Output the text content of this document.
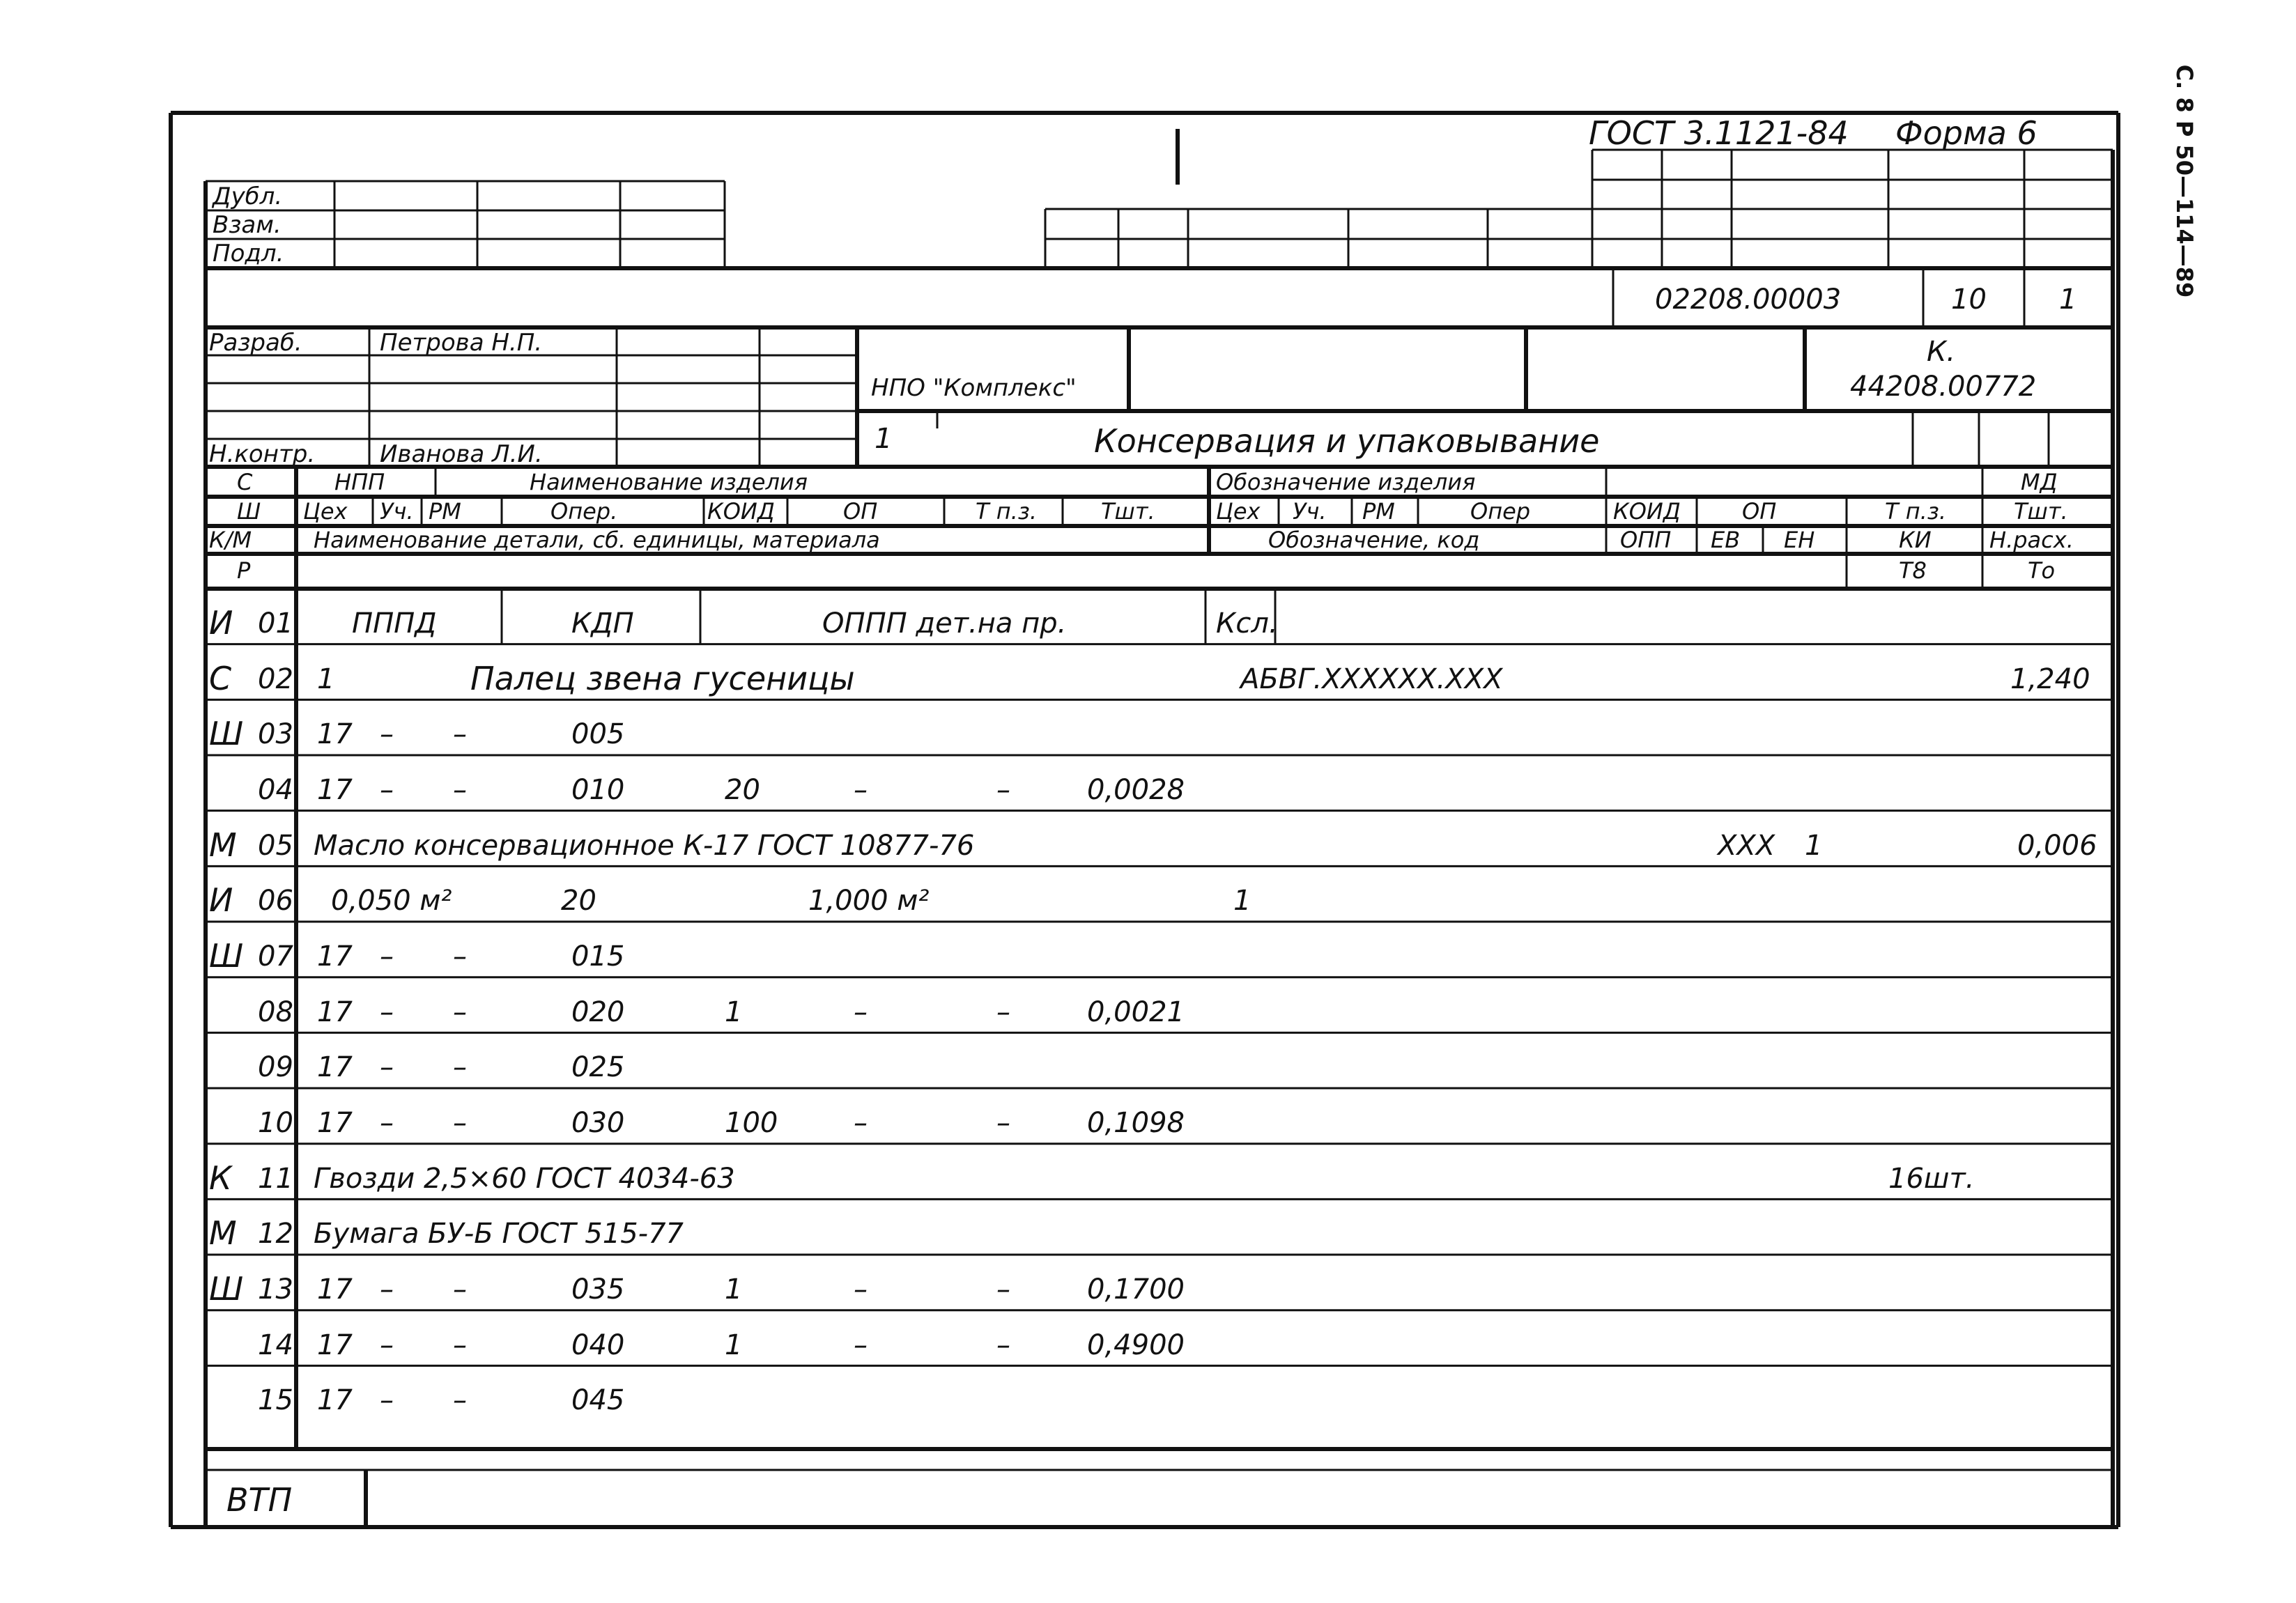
С. 8 Р 50—114—89
ГОСТ 3.1121-84 Форма 6
Дубл.
Взам.
Подл.
02208.00003	10	1
Разраб.	Петрова Н.П.
Н.контр.	Иванова Л.И.
НПО "Комплекс"
К.
44208.00772
1	Консервация и упаковывание
С	НПП	Наименование изделия	Обозначение изделия	МД
Ш Цех Уч. РМ	Опер.	КОИД	ОП	Т п.з.	Тшт.	Цех Уч. РМ	Опер	КОИД	ОП	Т п.з.	Тшт.
К/М	Наименование детали, сб. единицы, материала	Обозначение, код	ОПП ЕВ ЕН	КИ	Н.расх.
Р	Т8	То
И 01 ПППД	КДП	ОППП дет.на пр.	Ксл.
С 02 1	Палец звена гусеницы	АБВГ.XXXXXX.XXX	1,240
Ш 03 17 – –	005
04 17 – –	010	20	–	–	0,0028
М 05 Масло консервационное К-17 ГОСТ 10877-76	XXX 1	0,006
И 06 0,050 м²	20	1,000 м²	1
Ш 07 17 – –	015
08 17 – –	020	1	–	–	0,0021
09 17 – –	025
10 17 – –	030	100	–	–	0,1098
К 11 Гвозди 2,5×60 ГОСТ 4034-63	16шт.
М 12 Бумага БУ-Б ГОСТ 515-77
Ш 13 17 – –	035	1	–	–	0,1700
14 17 – –	040	1	–	–	0,4900
15 17 – –	045
ВТП
